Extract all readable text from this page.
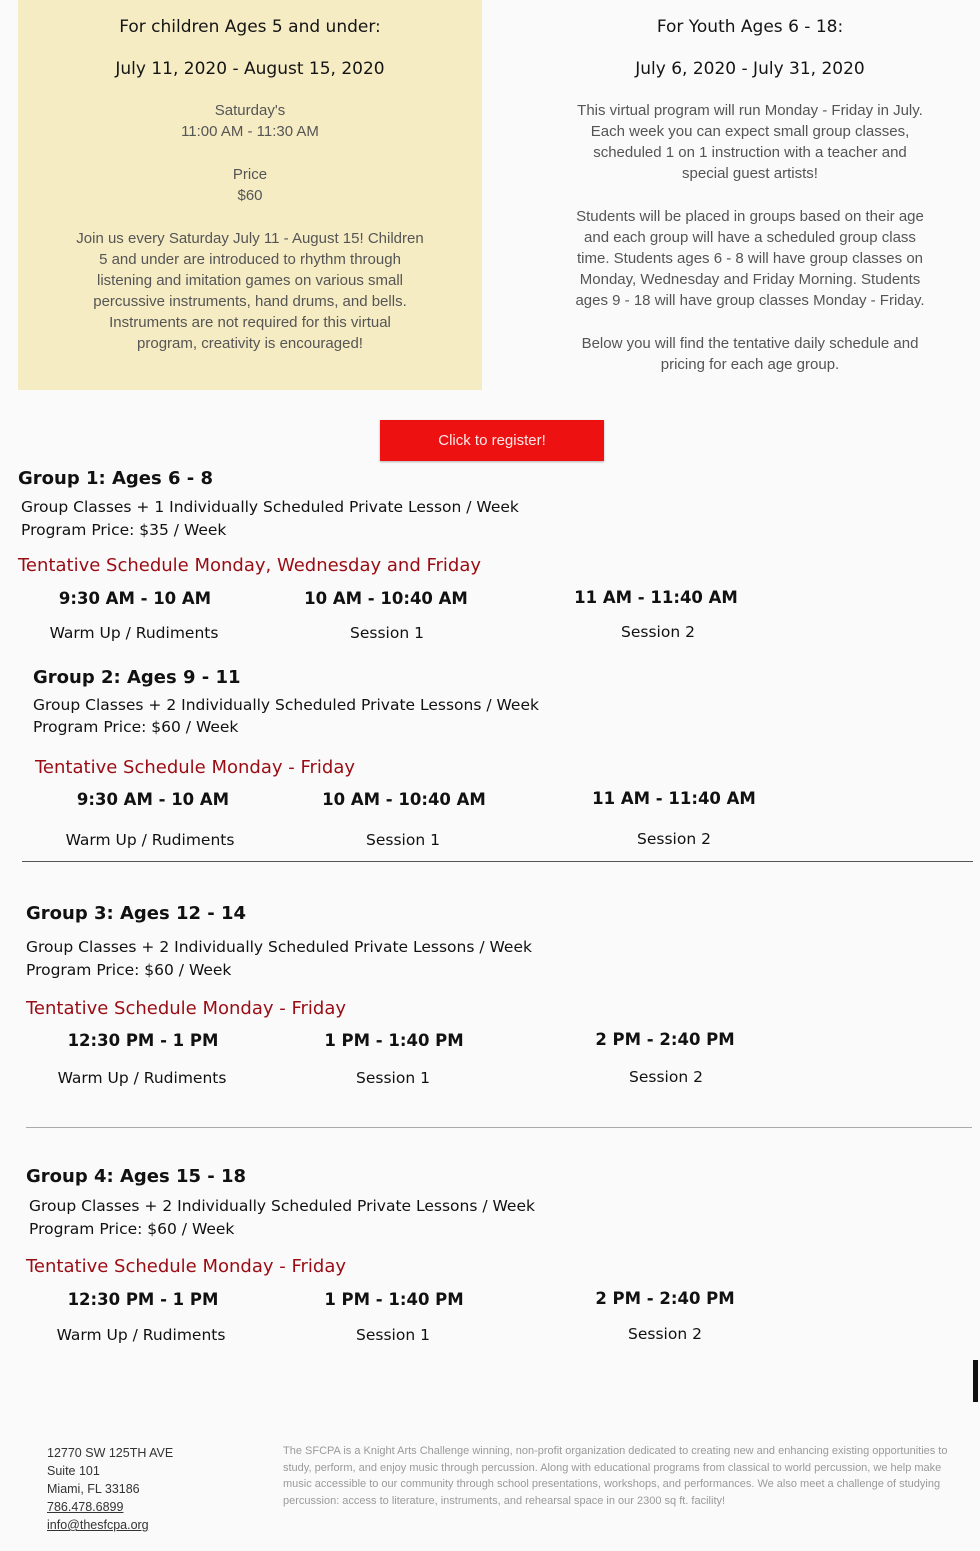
For children Ages 5 and under:
July 11, 2020 - August 15, 2020
Saturday's
11:00 AM - 11:30 AM
Price
$60
Join us every Saturday July 11 - August 15! Children
5 and under are introduced to rhythm through
listening and imitation games on various small
percussive instruments, hand drums, and bells.
Instruments are not required for this virtual
program, creativity is encouraged!
For Youth Ages 6 - 18:
July 6, 2020 - July 31, 2020
This virtual program will run Monday - Friday in July.
Each week you can expect small group classes,
scheduled 1 on 1 instruction with a teacher and
special guest artists!
Students will be placed in groups based on their age
and each group will have a scheduled group class
time. Students ages 6 - 8 will have group classes on
Monday, Wednesday and Friday Morning. Students
ages 9 - 18 will have group classes Monday - Friday.
Below you will find the tentative daily schedule and
pricing for each age group.
Click to register!
Group 1: Ages 6 - 8
Group Classes + 1 Individually Scheduled Private Lesson / Week
Program Price: $35 / Week
Tentative Schedule Monday, Wednesday and Friday
9:30 AM - 10 AM	10 AM - 10:40 AM	11 AM - 11:40 AM
Warm Up / Rudiments	Session 1	Session 2
Group 2: Ages 9 - 11
Group Classes + 2 Individually Scheduled Private Lessons / Week
Program Price: $60 / Week
Tentative Schedule Monday - Friday
9:30 AM - 10 AM	10 AM - 10:40 AM	11 AM - 11:40 AM
Warm Up / Rudiments	Session 1	Session 2
Group 3: Ages 12 - 14
Group Classes + 2 Individually Scheduled Private Lessons / Week
Program Price: $60 / Week
Tentative Schedule Monday - Friday
12:30 PM - 1 PM	1 PM - 1:40 PM	2 PM - 2:40 PM
Warm Up / Rudiments	Session 1	Session 2
Group 4: Ages 15 - 18
Group Classes + 2 Individually Scheduled Private Lessons / Week
Program Price: $60 / Week
Tentative Schedule Monday - Friday
12:30 PM - 1 PM	1 PM - 1:40 PM	2 PM - 2:40 PM
Warm Up / Rudiments	Session 1	Session 2
12770 SW 125TH AVE
Suite 101
Miami, FL 33186
786.478.6899
info@thesfcpa.org
The SFCPA is a Knight Arts Challenge winning, non-profit organization dedicated to creating new and enhancing existing opportunities to study, perform, and enjoy music through percussion. Along with educational programs from classical to world percussion, we help make music accessible to our community through school presentations, workshops, and performances. We also meet a challenge of studying percussion: access to literature, instruments, and rehearsal space in our 2300 sq ft. facility!
